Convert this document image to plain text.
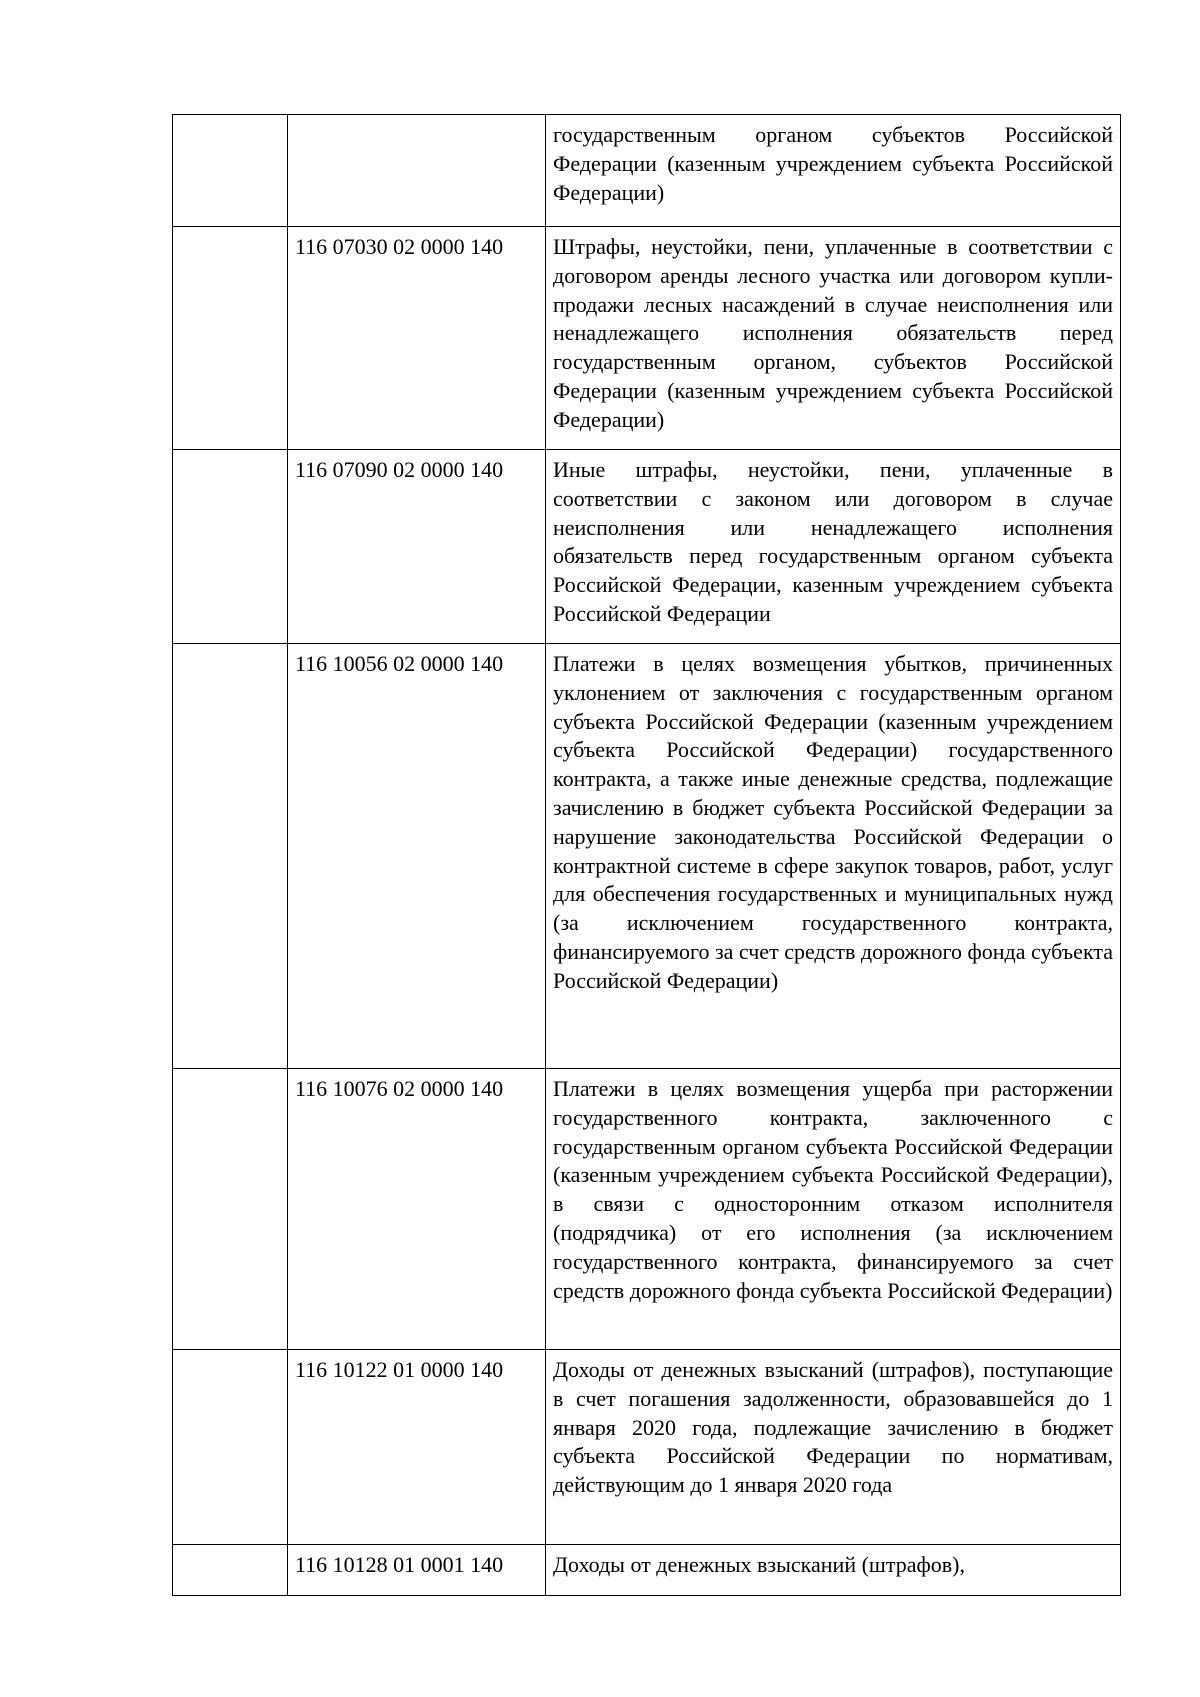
		государственным органом субъектов Российской Федерации (казенным учреждением субъекта Российской Федерации)
	116 07030 02 0000 140	Штрафы, неустойки, пени, уплаченные в соответствии с договором аренды лесного участка или договором купли-продажи лесных насаждений в случае неисполнения или ненадлежащего исполнения обязательств перед государственным органом, субъектов Российской Федерации (казенным учреждением субъекта Российской Федерации)
	116 07090 02 0000 140	Иные штрафы, неустойки, пени, уплаченные в соответствии с законом или договором в случае неисполнения или ненадлежащего исполнения обязательств перед государственным органом субъекта Российской Федерации, казенным учреждением субъекта Российской Федерации
	116 10056 02 0000 140	Платежи в целях возмещения убытков, причиненных уклонением от заключения с государственным органом субъекта Российской Федерации (казенным учреждением субъекта Российской Федерации) государственного контракта, а также иные денежные средства, подлежащие зачислению в бюджет субъекта Российской Федерации за нарушение законодательства Российской Федерации о контрактной системе в сфере закупок товаров, работ, услуг для обеспечения государственных и муниципальных нужд (за исключением государственного контракта, финансируемого за счет средств дорожного фонда субъекта Российской Федерации)
	116 10076 02 0000 140	Платежи в целях возмещения ущерба при расторжении государственного контракта, заключенного с государственным органом субъекта Российской Федерации (казенным учреждением субъекта Российской Федерации), в связи с односторонним отказом исполнителя (подрядчика) от его исполнения (за исключением государственного контракта, финансируемого за счет средств дорожного фонда субъекта Российской Федерации)
	116 10122 01 0000 140	Доходы от денежных взысканий (штрафов), поступающие в счет погашения задолженности, образовавшейся до 1 января 2020 года, подлежащие зачислению в бюджет субъекта Российской Федерации по нормативам, действующим до 1 января 2020 года
	116 10128 01 0001 140	Доходы от денежных взысканий (штрафов),
